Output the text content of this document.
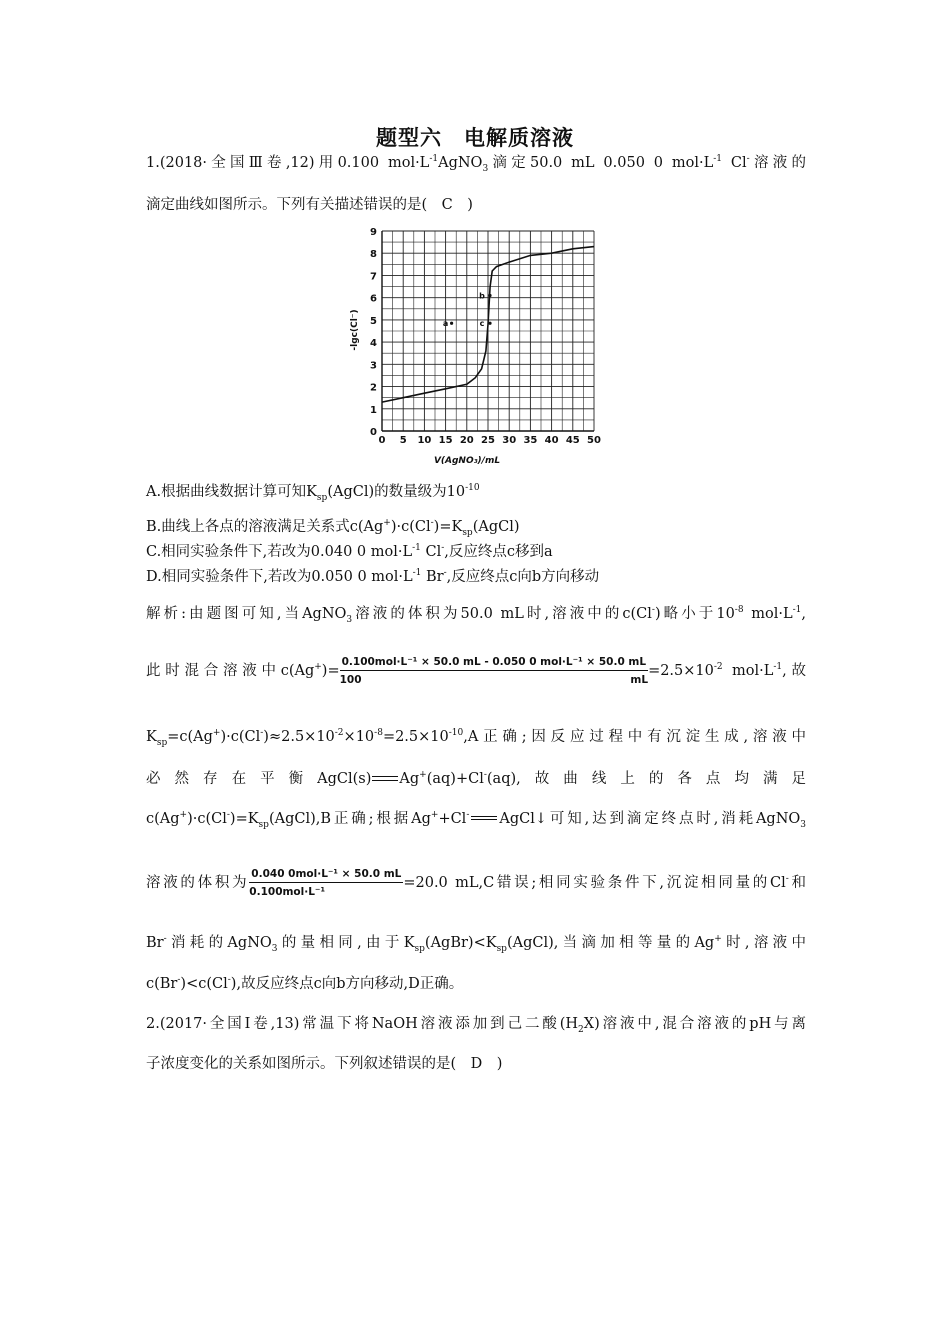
题型六　电解质溶液
1.(2018·全国Ⅲ卷,12)用0.100 $mol\cdot L^{-1}AgNO_3$滴定50.0 mL 0.050 0 $mol\cdot L^{-1}$ Cl-溶液的
滴定曲线如图所示。下列有关描述错误的是(　C　)
0 5 10 15 20 25 30 35 40 45 50
0
1
2
3
4
5
6
7
8
9
a
b
c
V(AgNO₃)/mL
-lgc(Cl⁻)
A.根据曲线数据计算可知$K_{sp}(AgCl)$的数量级为$10^{-10}$
B.曲线上各点的溶液满足关系式$c(Ag^+)\cdot c(Cl^-)=K_{sp}(AgCl)$
C.相同实验条件下,若改为0.040 0 $mol\cdot L^{-1}$ Cl-,反应终点c移到a
D.相同实验条件下,若改为0.050 0 $mol\cdot L^{-1}$ Br-,反应终点c向b方向移动
解析:由题图可知,当AgNO$_3$溶液的体积为50.0 mL时,溶液中的c(Cl-)略小于$10^{-8}$ $mol\cdot L^{-1}$,
此时混合溶液中$c(Ag^+)= \frac{\text{0.100mol·L⁻¹ × 50.0 mL - 0.050 0 mol·L⁻¹ × 50.0 mL}}{100 mL} =2.5\times 10^{-2}$ $mol\cdot L^{-1}$,故
$K_{sp}=c(Ag^+)\cdot c(Cl^-)\approx 2.5\times 10^{-2}\times 10^{-8}=2.5\times 10^{-10},A$正确;因反应过程中有沉淀生成,溶液中
必然存在平衡AgCl(s) Ag+(aq)+Cl-(aq),故曲线上的各点均满足
$c(Ag^+)\cdot c(Cl^-)=K_{sp}(AgCl),B$正确;根据Ag++Cl- AgCl↓可知,达到滴定终点时,消耗AgNO$_3$
溶液的体积为 $\frac{\text{0.040 0mol·L⁻¹ × 50.0 mL}}{\text{0.100mol·L⁻¹}} =20.0$ mL,C错误;相同实验条件下,沉淀相同量的Cl-和
Br-消耗的AgNO$_3$的量相同,由于$K_{sp}(AgBr)<K_{sp}(AgCl)$,当滴加相等量的Ag+时,溶液中
c(Br-)<c(Cl-),故反应终点c向b方向移动,D正确。
2.(2017·全国Ⅰ卷,13)常温下将NaOH溶液添加到己二酸$(H_2X)$溶液中,混合溶液的pH与离
子浓度变化的关系如图所示。下列叙述错误的是(　D　)
